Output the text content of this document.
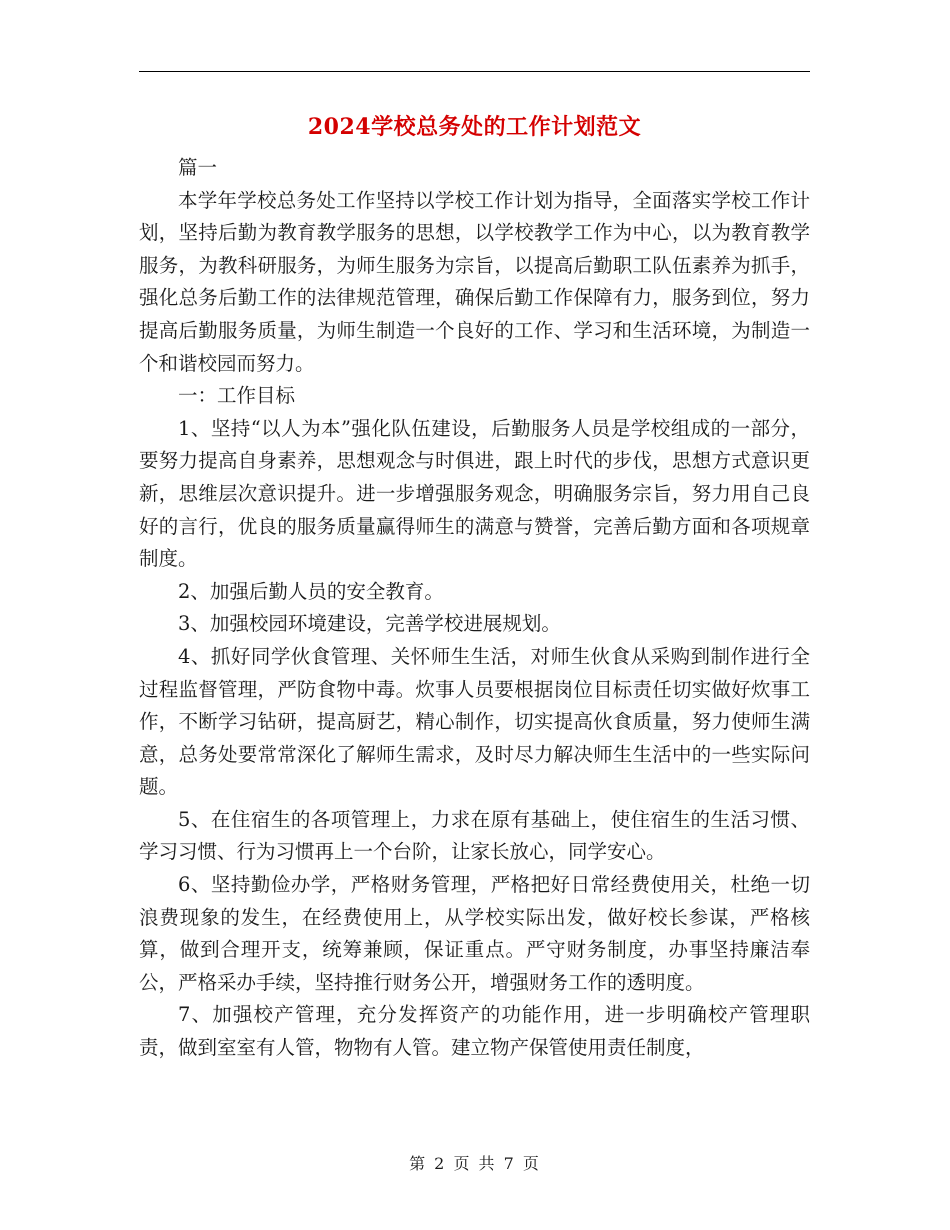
2024学校总务处的工作计划范文

篇一

本学年学校总务处工作坚持以学校工作计划为指导，全面落实学校工作计划，坚持后勤为教育教学服务的思想，以学校教学工作为中心，以为教育教学服务，为教科研服务，为师生服务为宗旨，以提高后勤职工队伍素养为抓手，强化总务后勤工作的法律规范管理，确保后勤工作保障有力，服务到位，努力提高后勤服务质量，为师生制造一个良好的工作、学习和生活环境，为制造一个和谐校园而努力。

一：工作目标

1、坚持“以人为本”强化队伍建设，后勤服务人员是学校组成的一部分，要努力提高自身素养，思想观念与时俱进，跟上时代的步伐，思想方式意识更新，思维层次意识提升。进一步增强服务观念，明确服务宗旨，努力用自己良好的言行，优良的服务质量赢得师生的满意与赞誉，完善后勤方面和各项规章制度。

2、加强后勤人员的安全教育。

3、加强校园环境建设，完善学校进展规划。

4、抓好同学伙食管理、关怀师生生活，对师生伙食从采购到制作进行全过程监督管理，严防食物中毒。炊事人员要根据岗位目标责任切实做好炊事工作，不断学习钻研，提高厨艺，精心制作，切实提高伙食质量，努力使师生满意，总务处要常常深化了解师生需求，及时尽力解决师生生活中的一些实际问题。

5、在住宿生的各项管理上，力求在原有基础上，使住宿生的生活习惯、学习习惯、行为习惯再上一个台阶，让家长放心，同学安心。

6、坚持勤俭办学，严格财务管理，严格把好日常经费使用关，杜绝一切浪费现象的发生，在经费使用上，从学校实际出发，做好校长参谋，严格核算，做到合理开支，统筹兼顾，保证重点。严守财务制度，办事坚持廉洁奉公，严格采办手续，坚持推行财务公开，增强财务工作的透明度。

7、加强校产管理，充分发挥资产的功能作用，进一步明确校产管理职责，做到室室有人管，物物有人管。建立物产保管使用责任制度，

第 2 页 共 7 页
